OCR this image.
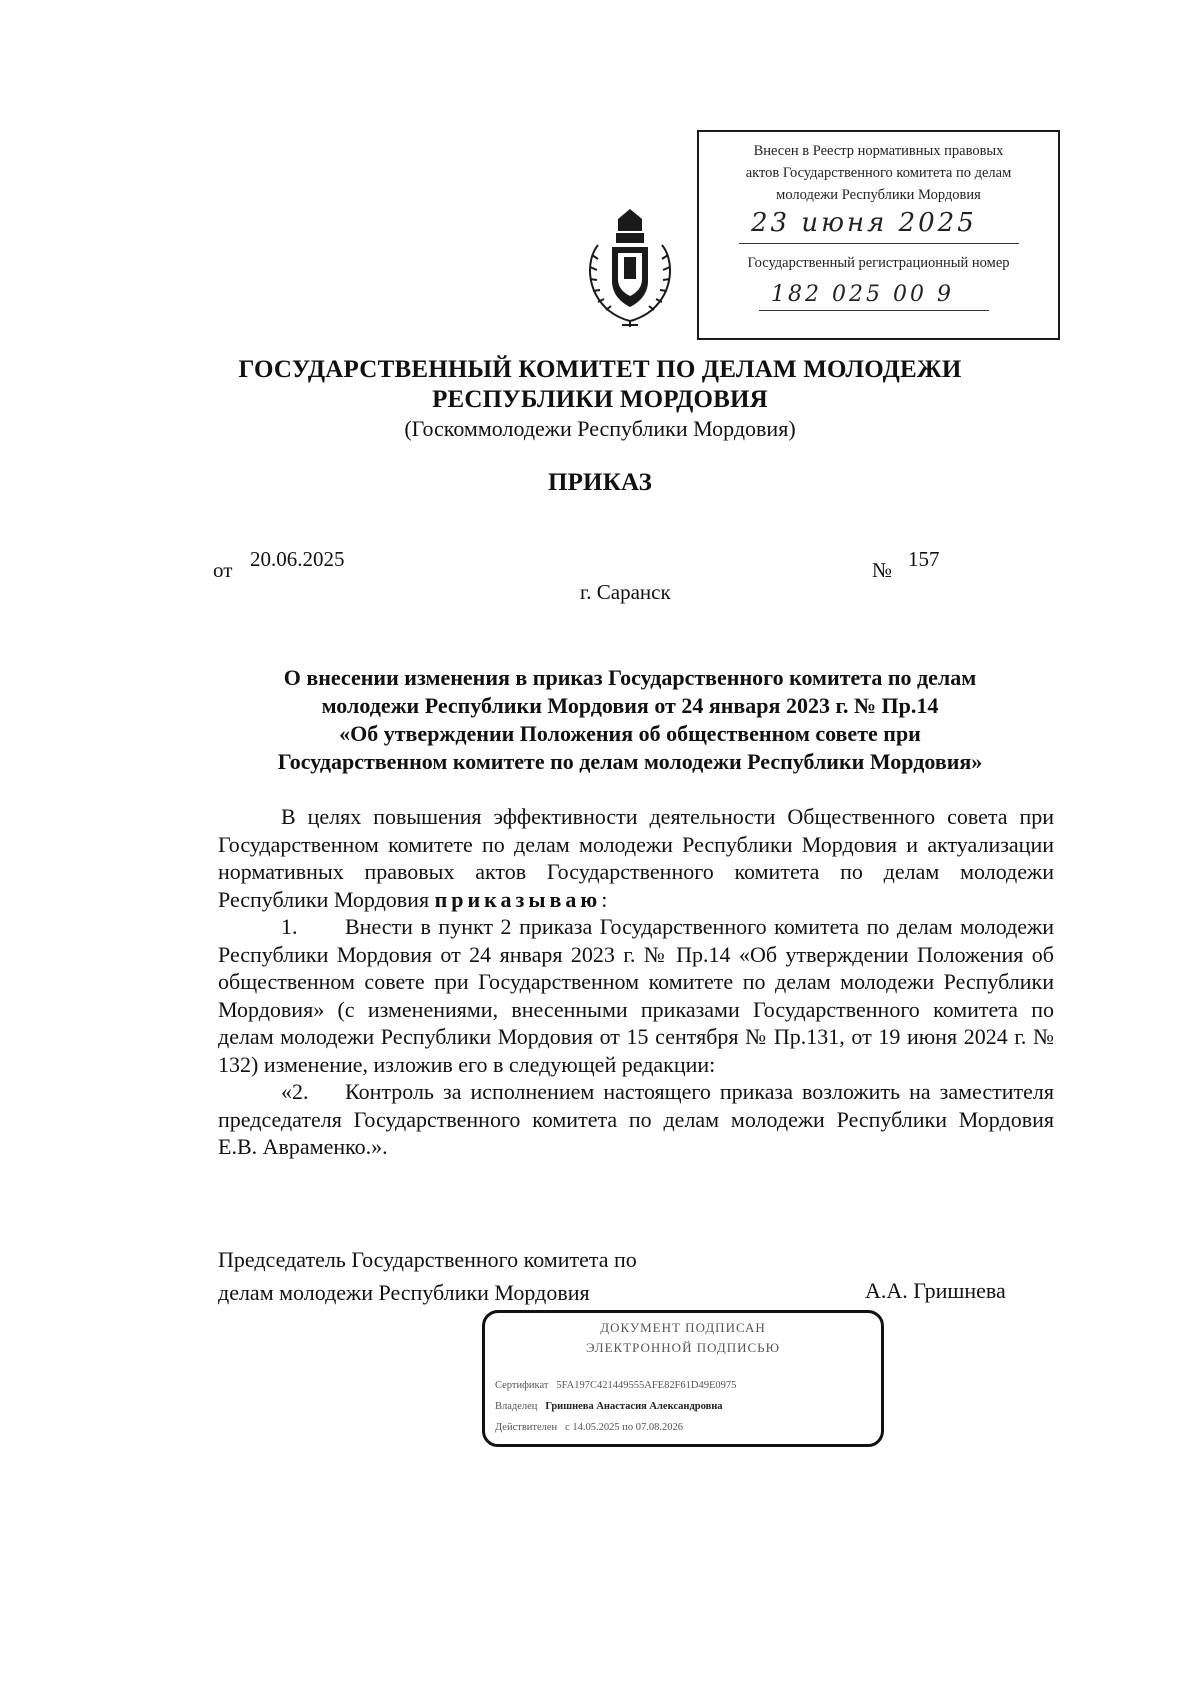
Внесен в Реестр нормативных правовых
актов Государственного комитета по делам
молодежи Республики Мордовия
23 июня 2025
Государственный регистрационный номер
182 025 00 9
ГОСУДАРСТВЕННЫЙ КОМИТЕТ ПО ДЕЛАМ МОЛОДЕЖИ
РЕСПУБЛИКИ МОРДОВИЯ
(Госкоммолодежи Республики Мордовия)
ПРИКАЗ
от 20.06.2025	№ 157
г. Саранск
О внесении изменения в приказ Государственного комитета по делам
молодежи Республики Мордовия от 24 января 2023 г. № Пр.14
«Об утверждении Положения об общественном совете при
Государственном комитете по делам молодежи Республики Мордовия»

В целях повышения эффективности деятельности Общественного совета при Государственном комитете по делам молодежи Республики Мордовия и актуализации нормативных правовых актов Государственного комитета по делам молодежи Республики Мордовия приказываю:

1. Внести в пункт 2 приказа Государственного комитета по делам молодежи Республики Мордовия от 24 января 2023 г. № Пр.14 «Об утверждении Положения об общественном совете при Государственном комитете по делам молодежи Республики Мордовия» (с изменениями, внесенными приказами Государственного комитета по делам молодежи Республики Мордовия от 15 сентября № Пр.131, от 19 июня 2024 г. № 132) изменение, изложив его в следующей редакции:

«2. Контроль за исполнением настоящего приказа возложить на заместителя председателя Государственного комитета по делам молодежи Республики Мордовия Е.В. Авраменко.».

Председатель Государственного комитета по
делам молодежи Республики Мордовия	А.А. Гришнева
ДОКУМЕНТ ПОДПИСАН
ЭЛЕКТРОННОЙ ПОДПИСЬЮ
Сертификат 5FA197C421449555AFE82F61D49E0975
Владелец Гришнева Анастасия Александровна
Действителен с 14.05.2025 по 07.08.2026
